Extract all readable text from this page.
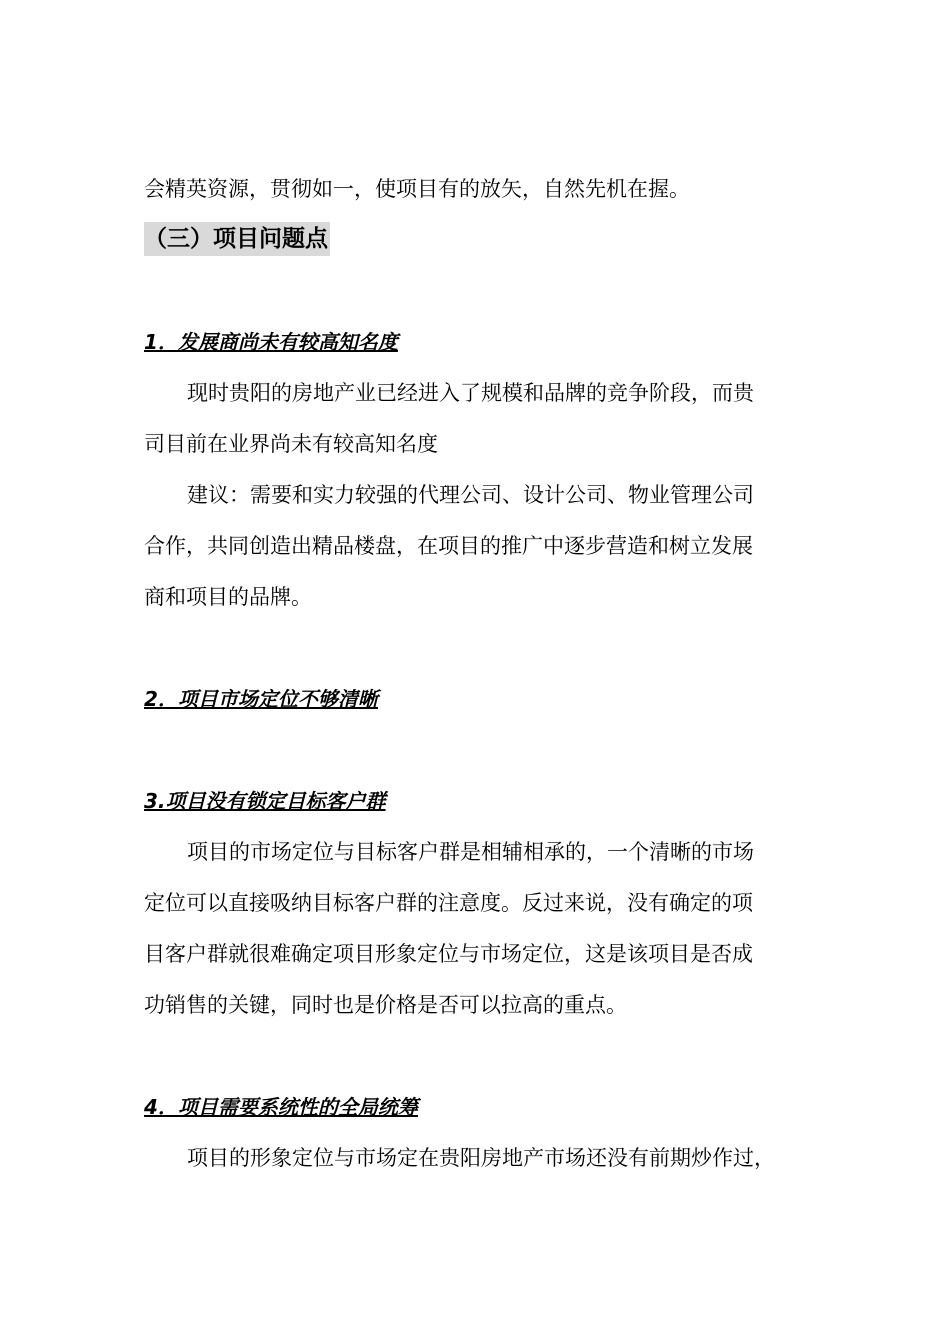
会精英资源，贯彻如一，使项目有的放矢，自然先机在握。
（三）项目问题点
1．发展商尚未有较高知名度
现时贵阳的房地产业已经进入了规模和品牌的竞争阶段，而贵
司目前在业界尚未有较高知名度
建议：需要和实力较强的代理公司、设计公司、物业管理公司
合作，共同创造出精品楼盘，在项目的推广中逐步营造和树立发展
商和项目的品牌。
2．项目市场定位不够清晰
3.项目没有锁定目标客户群
项目的市场定位与目标客户群是相辅相承的，一个清晰的市场
定位可以直接吸纳目标客户群的注意度。反过来说，没有确定的项
目客户群就很难确定项目形象定位与市场定位，这是该项目是否成
功销售的关键，同时也是价格是否可以拉高的重点。
4．项目需要系统性的全局统筹
项目的形象定位与市场定在贵阳房地产市场还没有前期炒作过，
